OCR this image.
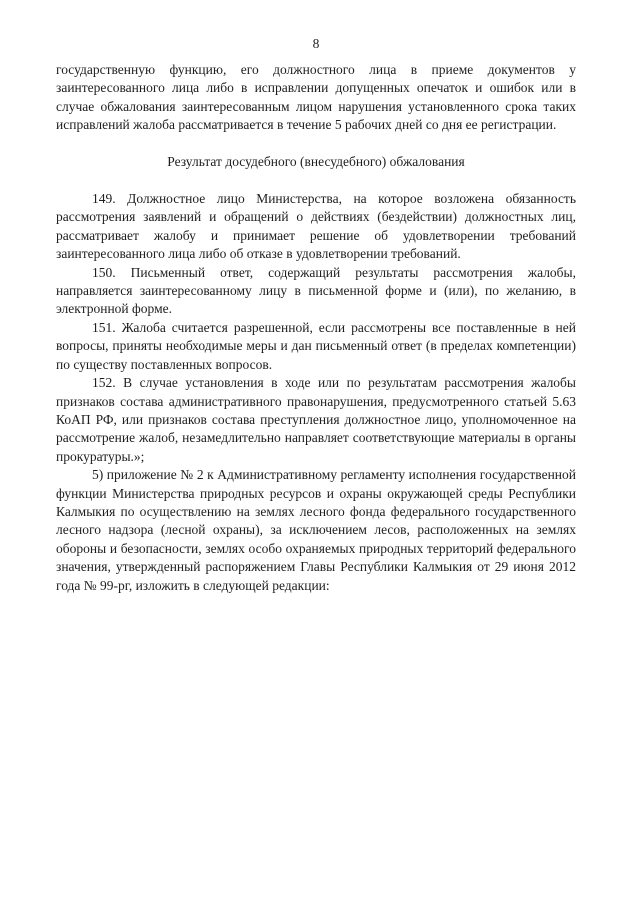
8

государственную функцию, его должностного лица в приеме документов у заинтересованного лица либо в исправлении допущенных опечаток и ошибок или в случае обжалования заинтересованным лицом нарушения установленного срока таких исправлений жалоба рассматривается в течение 5 рабочих дней со дня ее регистрации.

Результат досудебного (внесудебного) обжалования

149. Должностное лицо Министерства, на которое возложена обязанность рассмотрения заявлений и обращений о действиях (бездействии) должностных лиц, рассматривает жалобу и принимает решение об удовлетворении требований заинтересованного лица либо об отказе в удовлетворении требований.

150. Письменный ответ, содержащий результаты рассмотрения жалобы, направляется заинтересованному лицу в письменной форме и (или), по желанию, в электронной форме.

151. Жалоба считается разрешенной, если рассмотрены все поставленные в ней вопросы, приняты необходимые меры и дан письменный ответ (в пределах компетенции) по существу поставленных вопросов.

152. В случае установления в ходе или по результатам рассмотрения жалобы признаков состава административного правонарушения, предусмотренного статьей 5.63 КоАП РФ, или признаков состава преступления должностное лицо, уполномоченное на рассмотрение жалоб, незамедлительно направляет соответствующие материалы в органы прокуратуры.»;

5) приложение № 2 к Административному регламенту исполнения государственной функции Министерства природных ресурсов и охраны окружающей среды Республики Калмыкия по осуществлению на землях лесного фонда федерального государственного лесного надзора (лесной охраны), за исключением лесов, расположенных на землях обороны и безопасности, землях особо охраняемых природных территорий федерального значения, утвержденный распоряжением Главы Республики Калмыкия от 29 июня 2012 года № 99-рг, изложить в следующей редакции:
